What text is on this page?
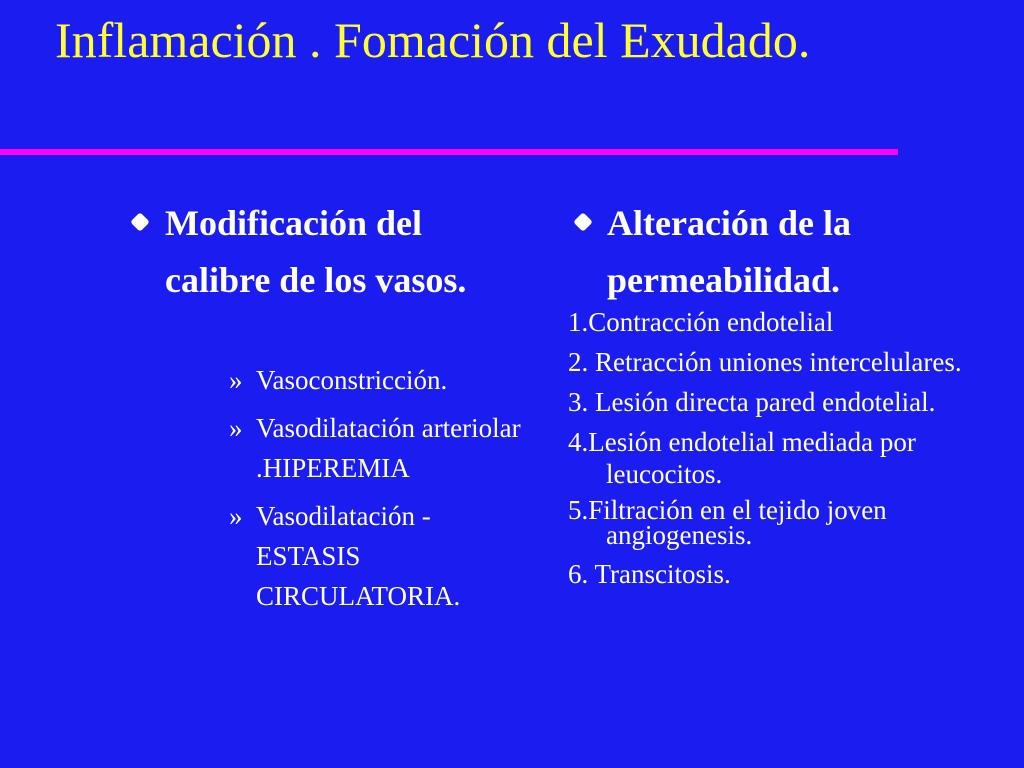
Inflamación . Fomación del Exudado.
Modificación del calibre de los vasos.
» Vasoconstricción.
» Vasodilatación arteriolar .HIPEREMIA
» Vasodilatación - ESTASIS CIRCULATORIA.
Alteración de la permeabilidad.
1.Contracción endotelial
2. Retracción uniones intercelulares.
3. Lesión directa pared endotelial.
4.Lesión endotelial mediada por leucocitos.
5.Filtración en el tejido joven angiogenesis.
6. Transcitosis.
